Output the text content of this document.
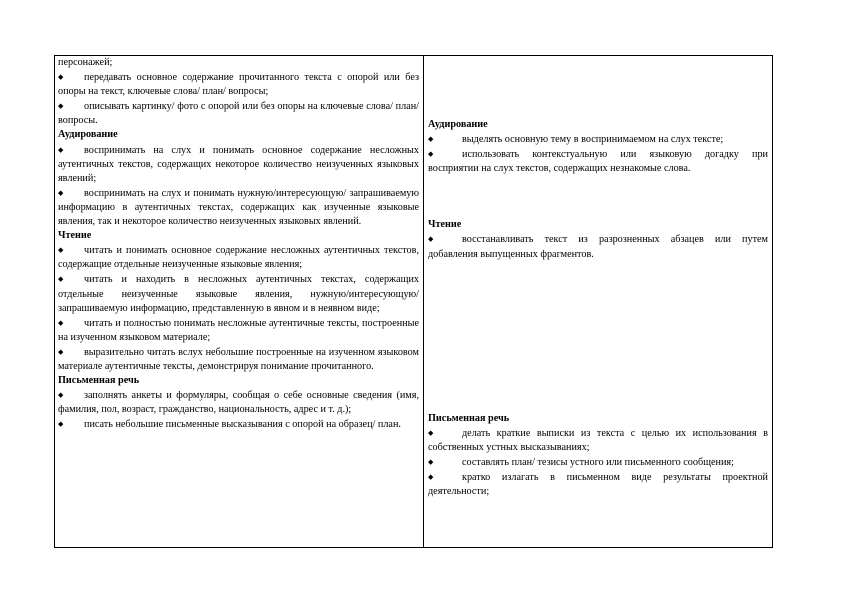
персонажей;

◆ передавать основное содержание прочитанного текста с опорой или без опоры на текст, ключевые слова/ план/ вопросы;

◆ описывать картинку/ фото с опорой или без опоры на ключевые слова/ план/ вопросы.

Аудирование

◆ воспринимать на слух и понимать основное содержание несложных аутентичных текстов, содержащих некоторое количество неизученных языковых явлений;

◆ воспринимать на слух и понимать нужную/интересующую/ запрашиваемую информацию в аутентичных текстах, содержащих как изученные языковые явления, так и некоторое количество неизученных языковых явлений.

Чтение

◆ читать и понимать основное содержание несложных аутентичных текстов, содержащие отдельные неизученные языковые явления;

◆ читать и находить в несложных аутентичных текстах, содержащих отдельные неизученные языковые явления, нужную/интересующую/ запрашиваемую информацию, представленную в явном и в неявном виде;

◆ читать и полностью понимать несложные аутентичные тексты, построенные на изученном языковом материале;

◆ выразительно читать вслух небольшие построенные на изученном языковом материале аутентичные тексты, демонстрируя понимание прочитанного.

Письменная речь

◆ заполнять анкеты и формуляры, сообщая о себе основные сведения (имя, фамилия, пол, возраст, гражданство, национальность, адрес и т. д.);

◆ писать небольшие письменные высказывания с опорой на образец/ план.

Аудирование

◆ выделять основную тему в воспринимаемом на слух тексте;

◆ использовать контекстуальную или языковую догадку при восприятии на слух текстов, содержащих незнакомые слова.

Чтение

◆ восстанавливать текст из разрозненных абзацев или путем добавления выпущенных фрагментов.

Письменная речь

◆ делать краткие выписки из текста с целью их использования в собственных устных высказываниях;

◆ составлять план/ тезисы устного или письменного сообщения;

◆ кратко излагать в письменном виде результаты проектной деятельности;
